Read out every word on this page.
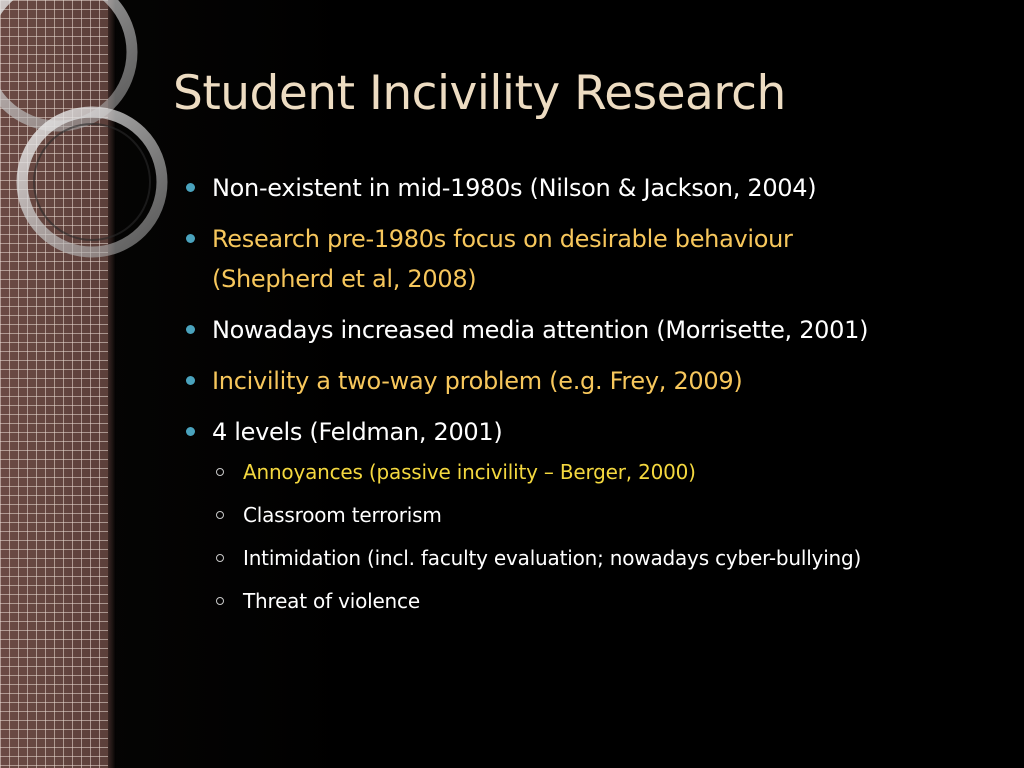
Student Incivility Research
Non-existent in mid-1980s (Nilson & Jackson, 2004)
Research pre-1980s focus on desirable behaviour (Shepherd et al, 2008)
Nowadays increased media attention (Morrisette, 2001)
Incivility a two-way problem (e.g. Frey, 2009)
4 levels (Feldman, 2001)
Annoyances (passive incivility – Berger, 2000)
Classroom terrorism
Intimidation (incl. faculty evaluation; nowadays cyber-bullying)
Threat of violence
